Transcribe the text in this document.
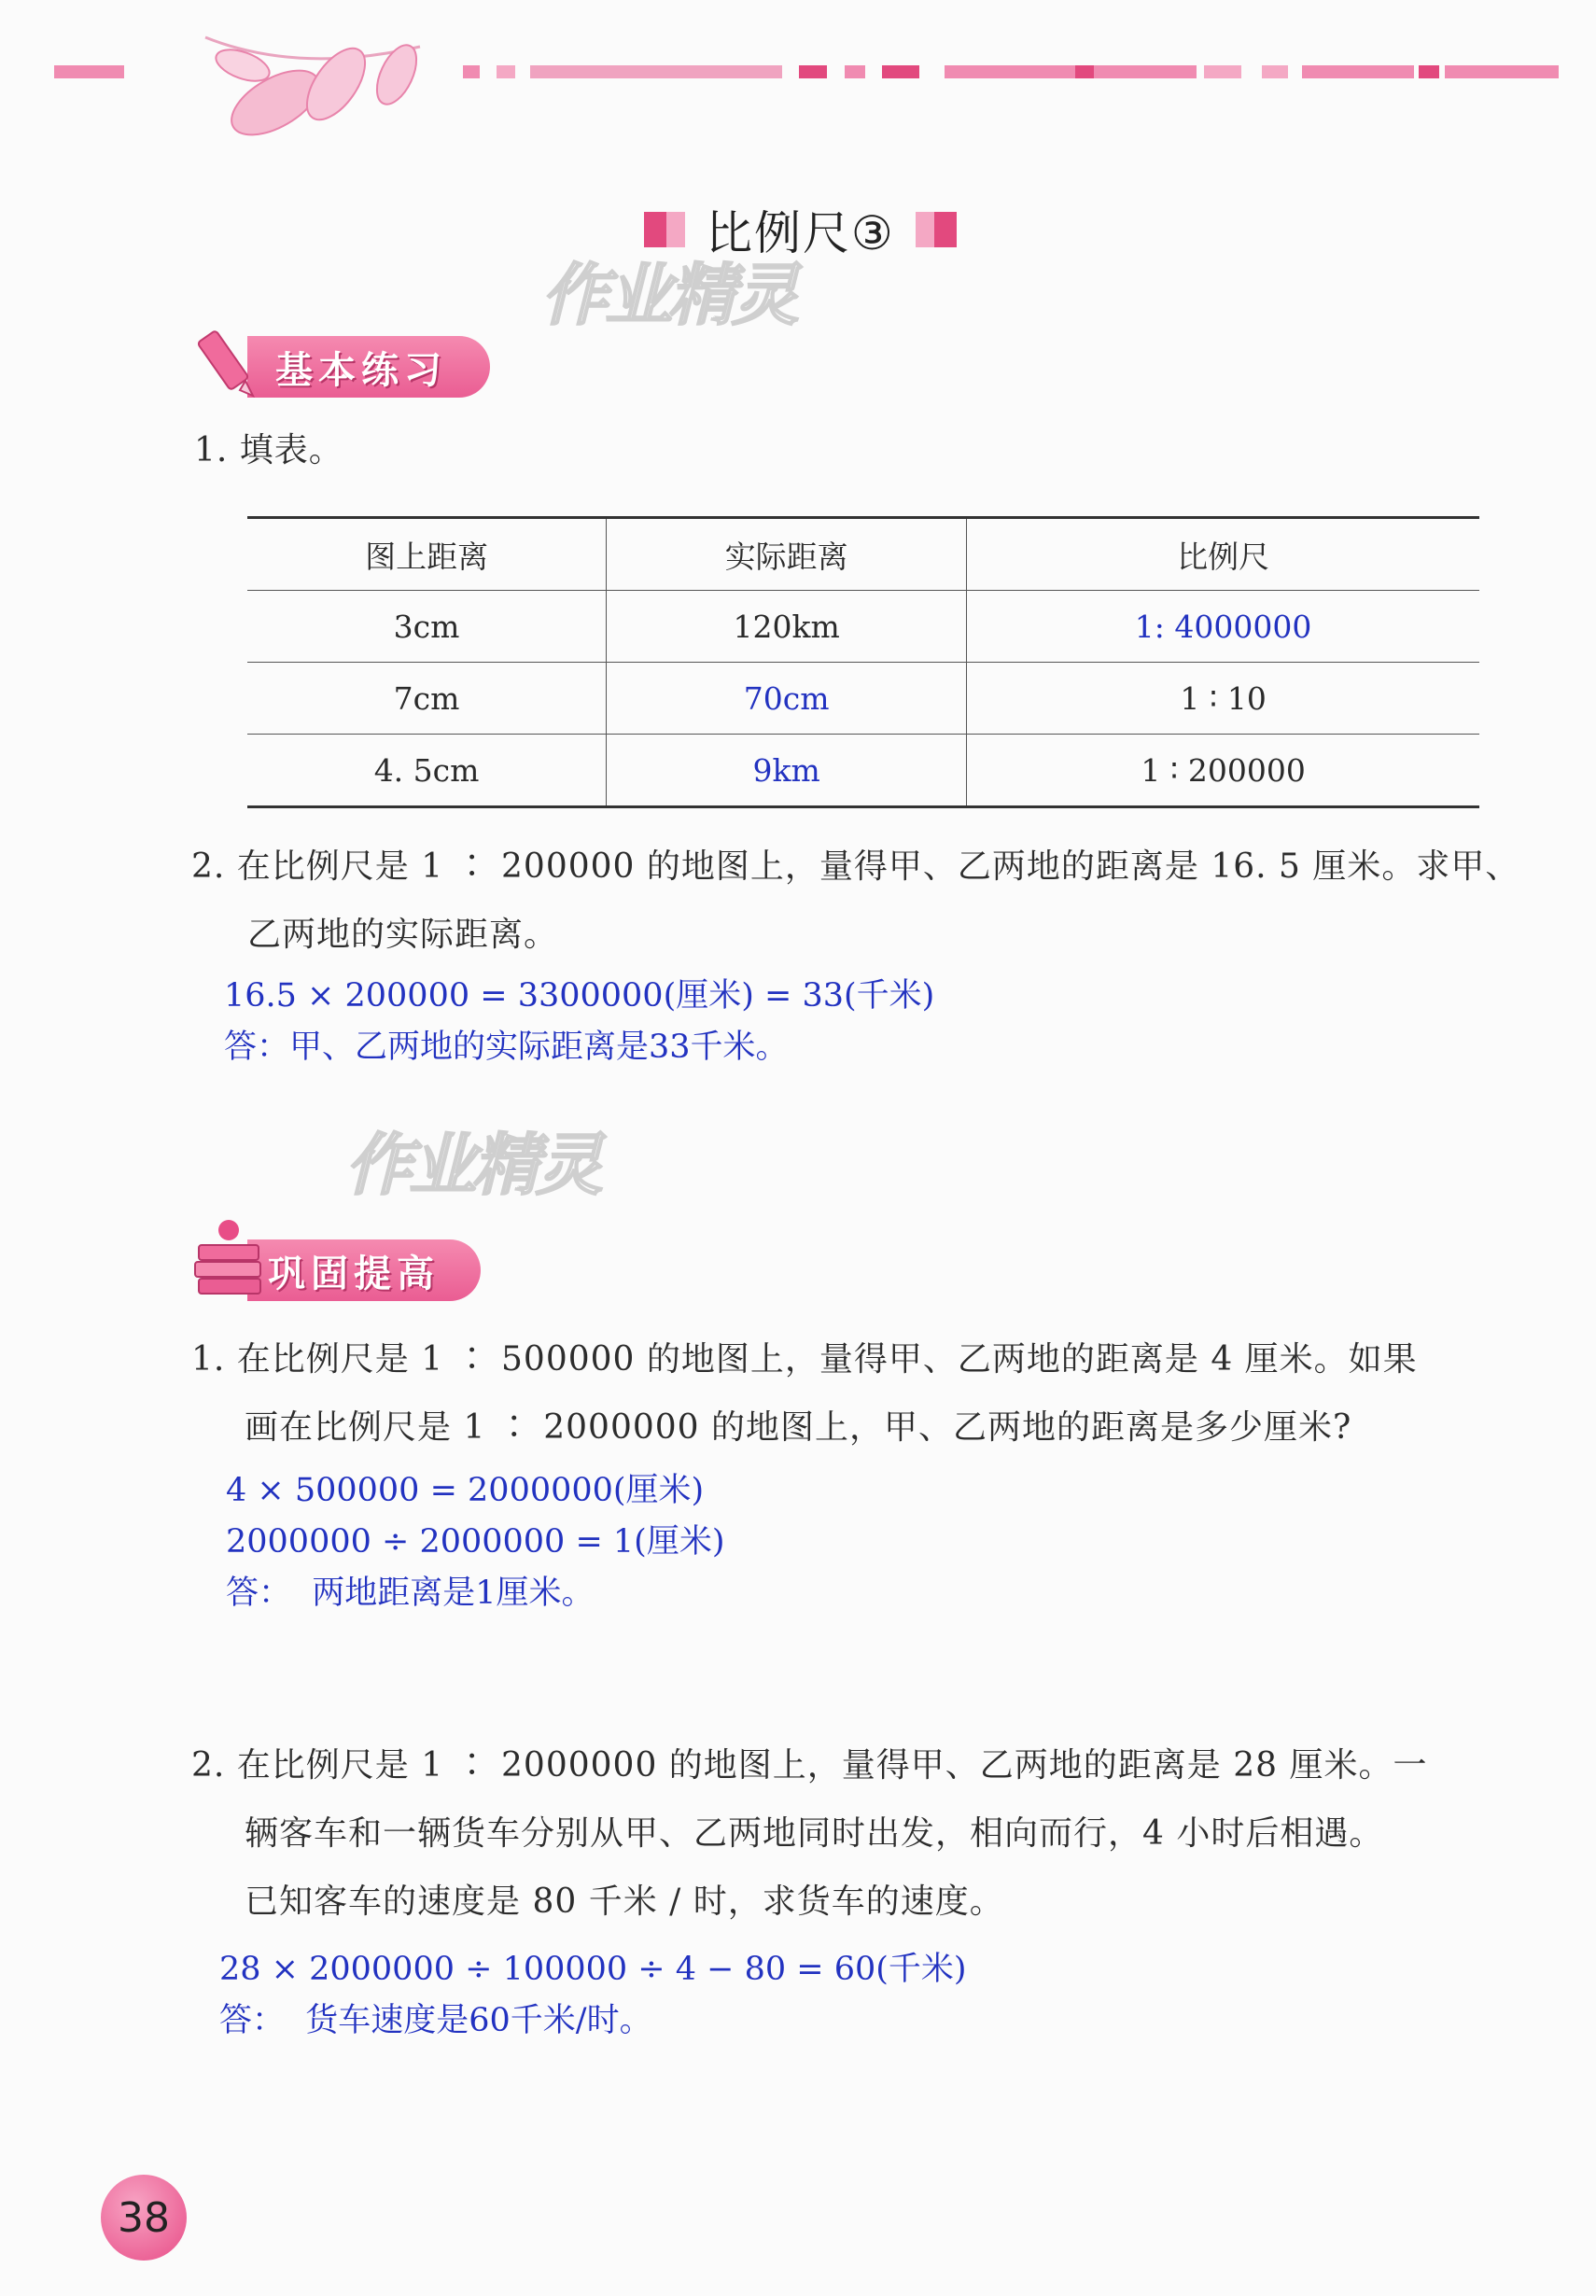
比例尺③
作业精灵
作业精灵
基本练习
1. 填表。
图上距离	实际距离	比例尺
3cm	120km	1: 4000000
7cm	70cm	1 ∶ 10
4. 5cm	9km	1 ∶ 200000
2. 在比例尺是 1 ∶ 200000 的地图上，量得甲、乙两地的距离是 16. 5 厘米。求甲、
乙两地的实际距离。
16.5 × 200000 = 3300000(厘米) = 33(千米)
答：甲、乙两地的实际距离是33千米。
巩固提高
1. 在比例尺是 1 ∶ 500000 的地图上，量得甲、乙两地的距离是 4 厘米。如果
画在比例尺是 1 ∶ 2000000 的地图上，甲、乙两地的距离是多少厘米?
4 × 500000 = 2000000(厘米)
2000000 ÷ 2000000 = 1(厘米)
答：  两地距离是1厘米。
2. 在比例尺是 1 ∶ 2000000 的地图上，量得甲、乙两地的距离是 28 厘米。一
辆客车和一辆货车分别从甲、乙两地同时出发，相向而行，4 小时后相遇。
已知客车的速度是 80 千米 / 时，求货车的速度。
28 × 2000000 ÷ 100000 ÷ 4 − 80 = 60(千米)
答：  货车速度是60千米/时。
38
